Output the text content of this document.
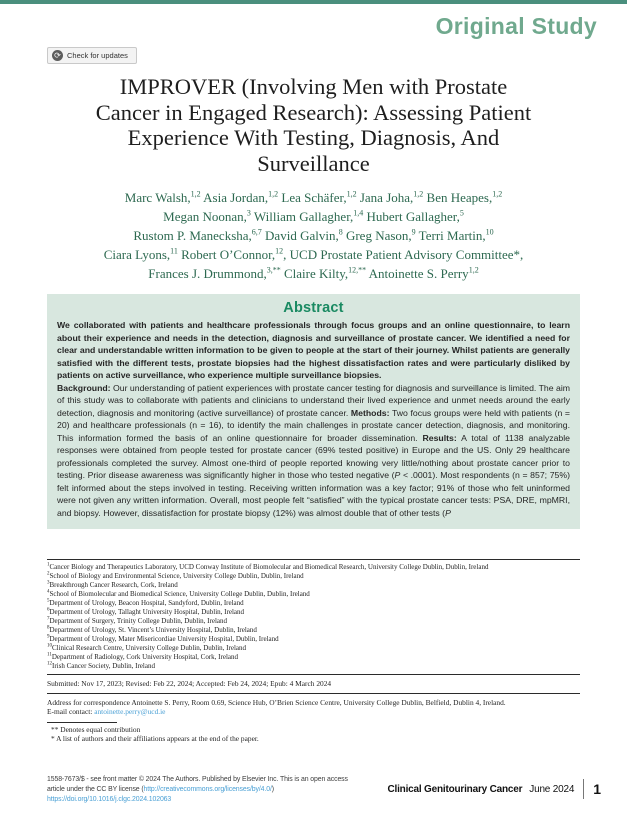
Original Study
⟳ Check for updates
IMPROVER (Involving Men with Prostate
Cancer in Engaged Research): Assessing Patient
Experience With Testing, Diagnosis, And
Surveillance
Marc Walsh,$^{1,2}$ Asia Jordan,$^{1,2}$ Lea Schäfer,$^{1,2}$ Jana Joha,$^{1,2}$ Ben Heapes,$^{1,2}$
Megan Noonan,$^3$ William Gallagher,$^{1,4}$ Hubert Gallagher,$^5$
Rustom P. Manecksha,$^{6,7}$ David Galvin,$^8$ Greg Nason,$^9$ Terri Martin,$^{10}$
Ciara Lyons,$^{11}$ Robert O’Connor,$^{12}$, UCD Prostate Patient Advisory Committee*,
Frances J. Drummond,$^{3,**}$ Claire Kilty,$^{12,**}$ Antoinette S. Perry$^{1,2}$
Abstract

We collaborated with patients and healthcare professionals through focus groups and an online questionnaire, to learn about their experience and needs in the detection, diagnosis and surveillance of prostate cancer. We identified a need for clear and understandable written information to be given to people at the start of their journey. Whilst patients are generally satisfied with the different tests, prostate biopsies had the highest dissatisfaction rates and were particularly disliked by patients on active surveillance, who experience multiple surveillance biopsies.

Background: Our understanding of patient experiences with prostate cancer testing for diagnosis and surveillance is limited. The aim of this study was to collaborate with patients and clinicians to understand their lived experience and unmet needs around the early detection, diagnosis and monitoring (active surveillance) of prostate cancer. Methods: Two focus groups were held with patients (n = 20) and healthcare professionals (n = 16), to identify the main challenges in prostate cancer detection, diagnosis, and monitoring. This information formed the basis of an online questionnaire for broader dissemination. Results: A total of 1138 analyzable responses were obtained from people tested for prostate cancer (69% tested positive) in Europe and the US. Only 29 healthcare professionals completed the survey. Almost one-third of people reported knowing very little/nothing about prostate cancer prior to testing. Prior disease awareness was significantly higher in those who tested negative (P < .0001). Most respondents (n = 857; 75%) felt informed about the steps involved in testing. Receiving written information was a key factor; 91% of those who felt uninformed were not given any written information. Overall, most people felt “satisfied” with the typical prostate cancer tests: PSA, DRE, mpMRI, and biopsy. However, dissatisfaction for prostate biopsy (12%) was almost double that of other tests (P

$^1$Cancer Biology and Therapeutics Laboratory, UCD Conway Institute of Biomolecular and Biomedical Research, University College Dublin, Dublin, Ireland
$^2$School of Biology and Environmental Science, University College Dublin, Dublin, Ireland
$^3$Breakthrough Cancer Research, Cork, Ireland
$^4$School of Biomolecular and Biomedical Science, University College Dublin, Dublin, Ireland
$^5$Department of Urology, Beacon Hospital, Sandyford, Dublin, Ireland
$^6$Department of Urology, Tallaght University Hospital, Dublin, Ireland
$^7$Department of Surgery, Trinity College Dublin, Dublin, Ireland
$^8$Department of Urology, St. Vincent’s University Hospital, Dublin, Ireland
$^9$Department of Urology, Mater Misericordiae University Hospital, Dublin, Ireland
$^{10}$Clinical Research Centre, University College Dublin, Dublin, Ireland
$^{11}$Department of Radiology, Cork University Hospital, Cork, Ireland
$^{12}$Irish Cancer Society, Dublin, Ireland
Submitted: Nov 17, 2023; Revised: Feb 22, 2024; Accepted: Feb 24, 2024; Epub: 4 March 2024
Address for correspondence Antoinette S. Perry, Room 0.69, Science Hub, O’Brien Science Centre, University College Dublin, Belfield, Dublin 4, Ireland.
E-mail contact: antoinette.perry@ucd.ie
** Denotes equal contribution
* A list of authors and their affiliations appears at the end of the paper.
1558-7673/$ - see front matter © 2024 The Authors. Published by Elsevier Inc. This is an open access
article under the CC BY license (http://creativecommons.org/licenses/by/4.0/)
https://doi.org/10.1016/j.clgc.2024.102063
Clinical Genitourinary Cancer June 2024 1
